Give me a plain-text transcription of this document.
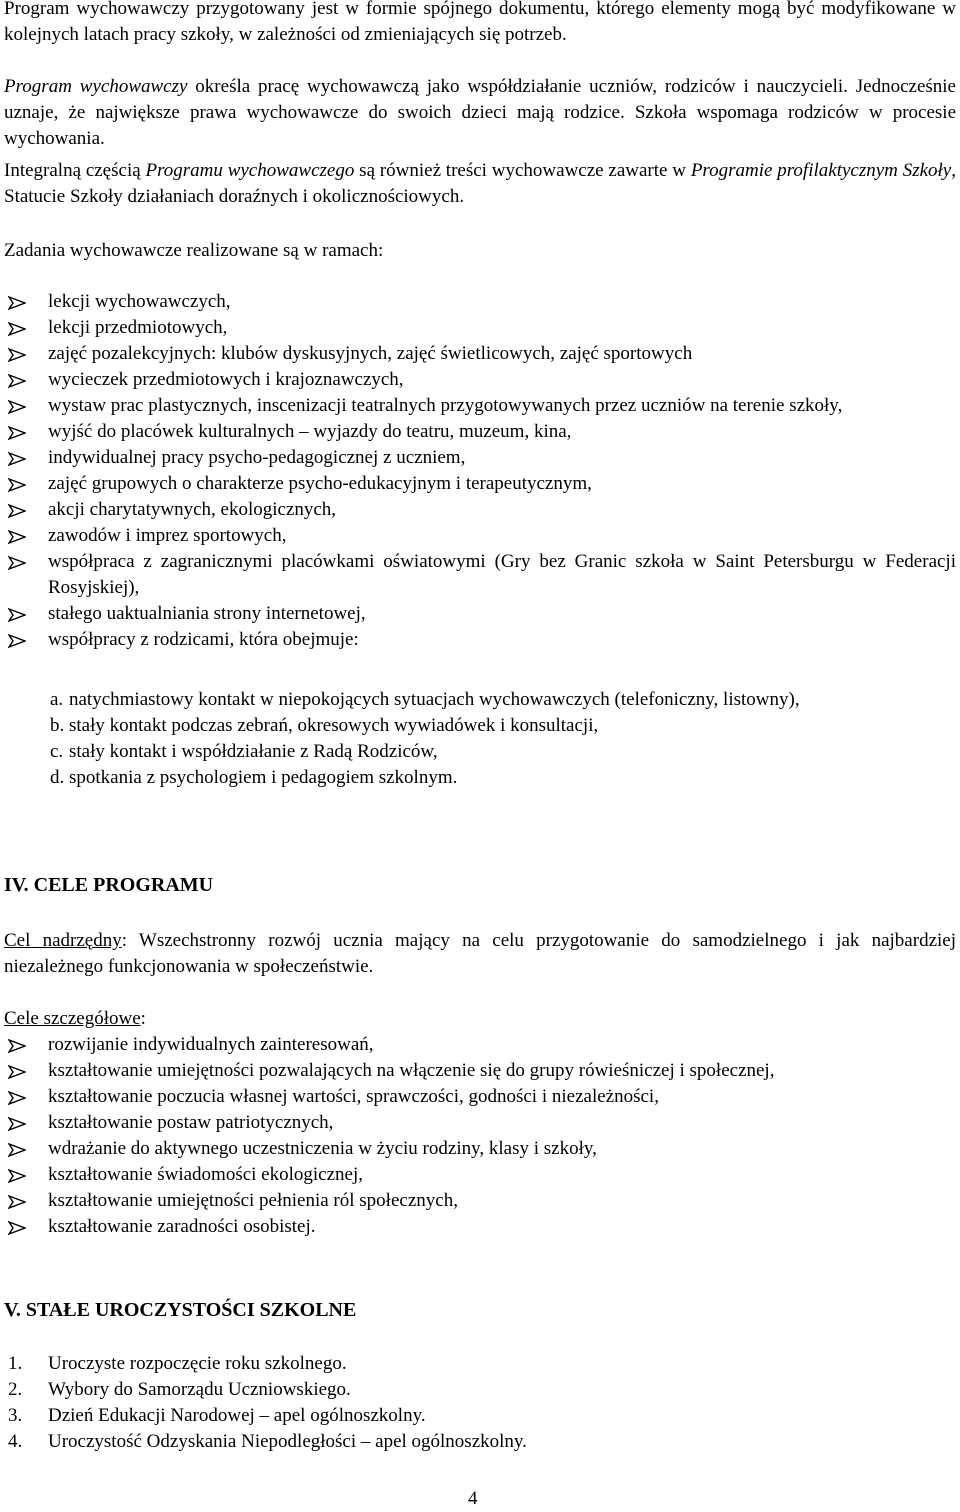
Program wychowawczy przygotowany jest w formie spójnego dokumentu, którego elementy mogą być modyfikowane w kolejnych latach pracy szkoły, w zależności od zmieniających się potrzeb.

Program wychowawczy określa pracę wychowawczą jako współdziałanie uczniów, rodziców i nauczycieli. Jednocześnie uznaje, że największe prawa wychowawcze do swoich dzieci mają rodzice. Szkoła wspomaga rodziców w procesie wychowania.

Integralną częścią Programu wychowawczego są również treści wychowawcze zawarte w Programie profilaktycznym Szkoły, Statucie Szkoły działaniach doraźnych i okolicznościowych.

Zadania wychowawcze realizowane są w ramach:

lekcji wychowawczych,
lekcji przedmiotowych,
zajęć pozalekcyjnych: klubów dyskusyjnych, zajęć świetlicowych, zajęć sportowych
wycieczek przedmiotowych i krajoznawczych,
wystaw prac plastycznych, inscenizacji teatralnych przygotowywanych przez uczniów na terenie szkoły,
wyjść do placówek kulturalnych – wyjazdy do teatru, muzeum, kina,
indywidualnej pracy psycho-pedagogicznej z uczniem,
zajęć grupowych o charakterze psycho-edukacyjnym i terapeutycznym,
akcji charytatywnych, ekologicznych,
zawodów i imprez sportowych,
współpraca z zagranicznymi placówkami oświatowymi (Gry bez Granic szkoła w Saint Petersburgu w Federacji Rosyjskiej),
stałego uaktualniania strony internetowej,
współpracy z rodzicami, która obejmuje:
a. natychmiastowy kontakt w niepokojących sytuacjach wychowawczych (telefoniczny, listowny),
b. stały kontakt podczas zebrań, okresowych wywiadówek i konsultacji,
c. stały kontakt i współdziałanie z Radą Rodziców,
d. spotkania z psychologiem i pedagogiem szkolnym.

IV. CELE PROGRAMU

Cel nadrzędny: Wszechstronny rozwój ucznia mający na celu przygotowanie do samodzielnego i jak najbardziej niezależnego funkcjonowania w społeczeństwie.

Cele szczegółowe:

rozwijanie indywidualnych zainteresowań,
kształtowanie umiejętności pozwalających na włączenie się do grupy rówieśniczej i społecznej,
kształtowanie poczucia własnej wartości, sprawczości, godności i niezależności,
kształtowanie postaw patriotycznych,
wdrażanie do aktywnego uczestniczenia w życiu rodziny, klasy i szkoły,
kształtowanie świadomości ekologicznej,
kształtowanie umiejętności pełnienia ról społecznych,
kształtowanie zaradności osobistej.

V. STAŁE UROCZYSTOŚCI SZKOLNE

1. Uroczyste rozpoczęcie roku szkolnego.
2. Wybory do Samorządu Uczniowskiego.
3. Dzień Edukacji Narodowej – apel ogólnoszkolny.
4. Uroczystość Odzyskania Niepodległości – apel ogólnoszkolny.
4
